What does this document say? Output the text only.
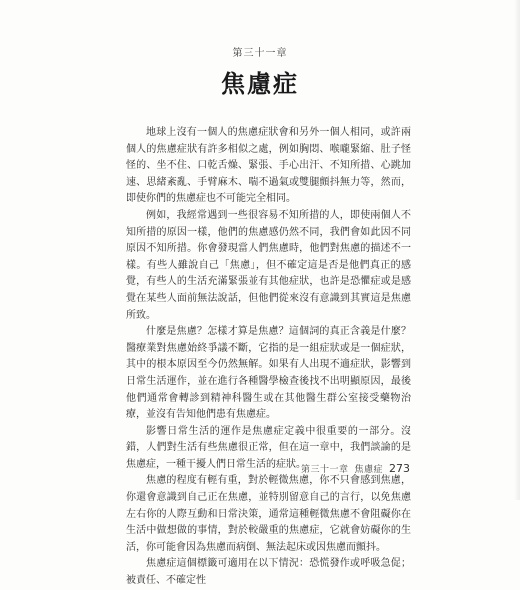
第三十一章
焦慮症

地球上沒有一個人的焦慮症狀會和另外一個人相同，或許兩個人的焦慮症狀有許多相似之處，例如胸悶、喉嚨緊縮、肚子怪怪的、坐不住、口乾舌燥、緊張、手心出汗、不知所措、心跳加速、思緒紊亂、手臂麻木、喘不過氣或雙腿顫抖無力等，然而，即使你們的焦慮症也不可能完全相同。

例如，我經常遇到一些很容易不知所措的人，即使兩個人不知所措的原因一樣，他們的焦慮感仍然不同，我們會如此因不同原因不知所措。你會發現當人們焦慮時，他們對焦慮的描述不一樣。有些人雖說自己「焦慮」，但不確定這是否是他們真正的感覺，有些人的生活充滿緊張並有其他症狀，也許是恐懼症或是感覺在某些人面前無法說話，但他們從來沒有意識到其實這是焦慮所致。

什麼是焦慮？怎樣才算是焦慮？這個詞的真正含義是什麼？醫療業對焦慮始終爭議不斷，它指的是一組症狀或是一個症狀，其中的根本原因至今仍然無解。如果有人出現不適症狀，影響到日常生活運作，並在進行各種醫學檢查後找不出明顯原因，最後他們通常會轉診到精神科醫生或在其他醫生群公室接受藥物治療，並沒有告知他們患有焦慮症。

影響日常生活的運作是焦慮症定義中很重要的一部分。沒錯，人們對生活有些焦慮很正常，但在這一章中，我們談論的是焦慮症，一種干擾人們日常生活的症狀。

焦慮的程度有輕有重，對於輕微焦慮，你不只會感到焦慮，你還會意識到自己正在焦慮，並特別留意自己的言行，以免焦慮左右你的人際互動和日常決策，通常這種輕微焦慮不會阻礙你在生活中做想做的事情，對於較嚴重的焦慮症，它就會妨礙你的生活，你可能會因為焦慮而病倒、無法起床或因焦慮而顫抖。

焦慮症這個標籤可適用在以下情況：恐慌發作或呼吸急促；被責任、不確定性

第三十一章 焦慮症 273
